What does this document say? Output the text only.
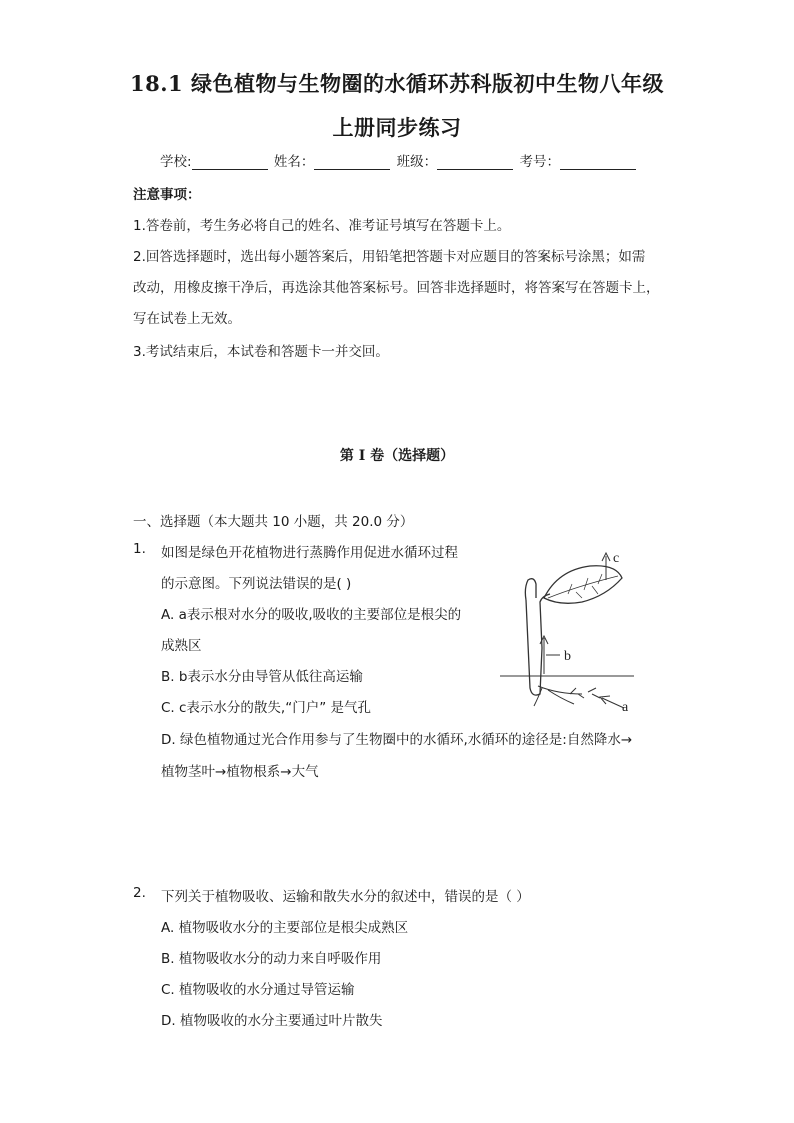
18.1 绿色植物与生物圈的水循环苏科版初中生物八年级
上册同步练习
学校:	姓名：	班级：	考号：
注意事项：
1.答卷前，考生务必将自己的姓名、准考证号填写在答题卡上。
2.回答选择题时，选出每小题答案后，用铅笔把答题卡对应题目的答案标号涂黑；如需
改动，用橡皮擦干净后，再选涂其他答案标号。回答非选择题时，将答案写在答题卡上，
写在试卷上无效。
3.考试结束后，本试卷和答题卡一并交回。
第 I 卷（选择题）
一、选择题（本大题共 10 小题，共 20.0 分）
1. 如图是绿色开花植物进行蒸腾作用促进水循环过程
的示意图。下列说法错误的是( )
A. a表示根对水分的吸收,吸收的主要部位是根尖的
成熟区
B. b表示水分由导管从低往高运输
C. c表示水分的散失,“门户” 是气孔
D. 绿色植物通过光合作用参与了生物圈中的水循环,水循环的途径是:自然降水→
植物茎叶→植物根系→大气
c
b
a
2. 下列关于植物吸收、运输和散失水分的叙述中，错误的是（ ）
A. 植物吸收水分的主要部位是根尖成熟区
B. 植物吸收水分的动力来自呼吸作用
C. 植物吸收的水分通过导管运输
D. 植物吸收的水分主要通过叶片散失
